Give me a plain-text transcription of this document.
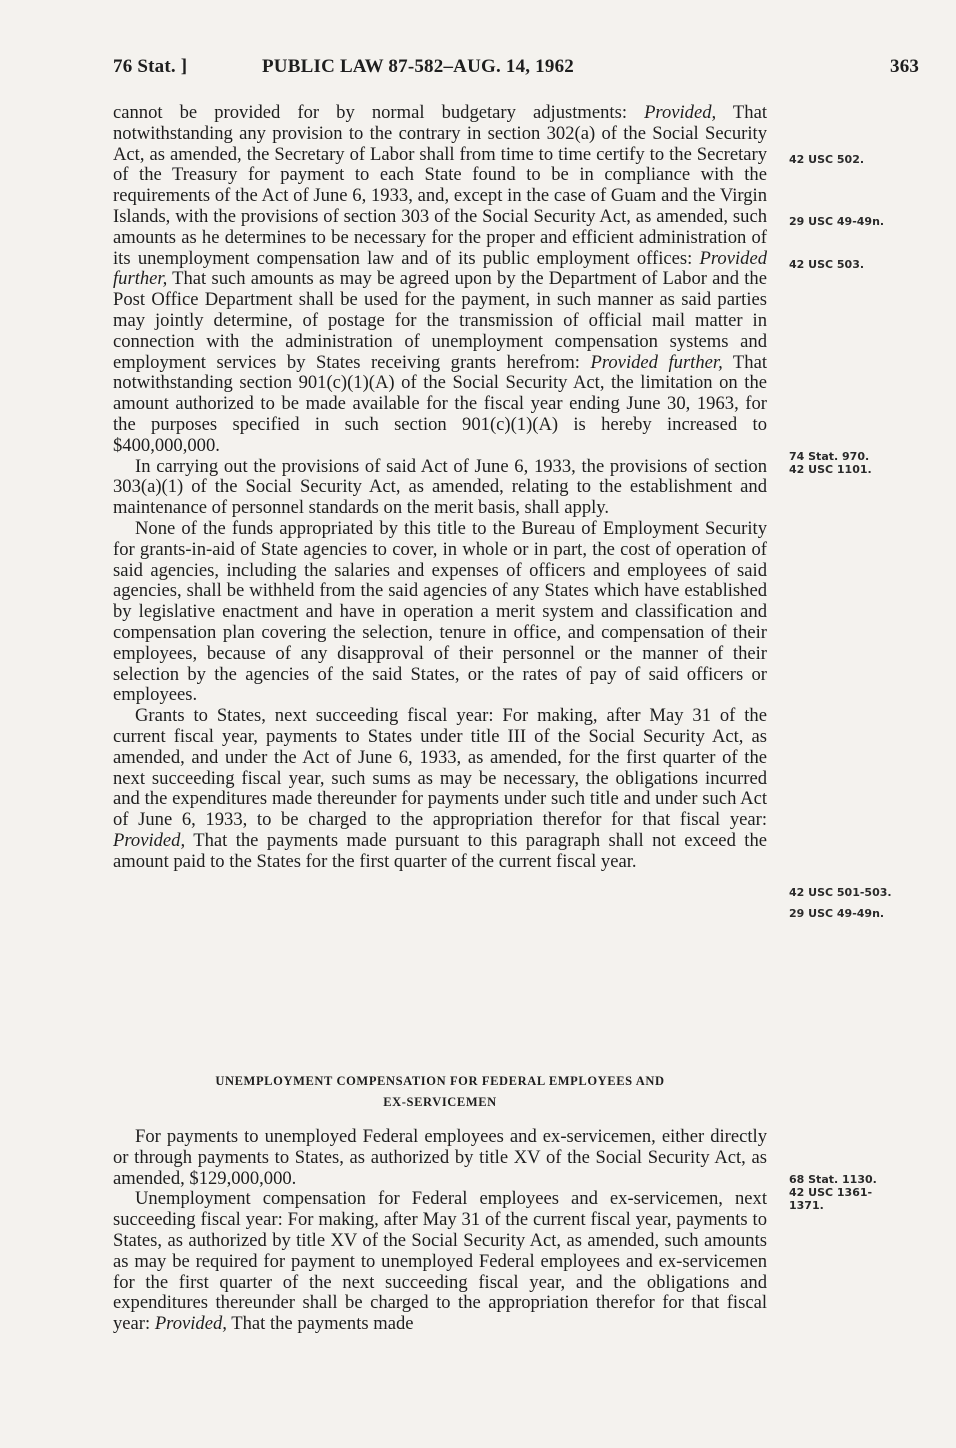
76 Stat. ]	PUBLIC LAW 87-582–AUG. 14, 1962	363

cannot be provided for by normal budgetary adjustments: Provided, That notwithstanding any provision to the contrary in section 302(a) of the Social Security Act, as amended, the Secretary of Labor shall from time to time certify to the Secretary of the Treasury for payment to each State found to be in compliance with the requirements of the Act of June 6, 1933, and, except in the case of Guam and the Virgin Islands, with the provisions of section 303 of the Social Security Act, as amended, such amounts as he determines to be necessary for the proper and efficient administration of its unemployment compensation law and of its public employment offices: Provided further, That such amounts as may be agreed upon by the Department of Labor and the Post Office Department shall be used for the payment, in such manner as said parties may jointly determine, of postage for the transmission of official mail matter in connection with the administration of unemployment compensation systems and employment services by States receiving grants herefrom: Provided further, That notwithstanding section 901(c)(1)(A) of the Social Security Act, the limitation on the amount authorized to be made available for the fiscal year ending June 30, 1963, for the purposes specified in such section 901(c)(1)(A) is hereby increased to $400,000,000.

In carrying out the provisions of said Act of June 6, 1933, the provisions of section 303(a)(1) of the Social Security Act, as amended, relating to the establishment and maintenance of personnel standards on the merit basis, shall apply.

None of the funds appropriated by this title to the Bureau of Employment Security for grants-in-aid of State agencies to cover, in whole or in part, the cost of operation of said agencies, including the salaries and expenses of officers and employees of said agencies, shall be withheld from the said agencies of any States which have established by legislative enactment and have in operation a merit system and classification and compensation plan covering the selection, tenure in office, and compensation of their employees, because of any disapproval of their personnel or the manner of their selection by the agencies of the said States, or the rates of pay of said officers or employees.

Grants to States, next succeeding fiscal year: For making, after May 31 of the current fiscal year, payments to States under title III of the Social Security Act, as amended, and under the Act of June 6, 1933, as amended, for the first quarter of the next succeeding fiscal year, such sums as may be necessary, the obligations incurred and the expenditures made thereunder for payments under such title and under such Act of June 6, 1933, to be charged to the appropriation therefor for that fiscal year: Provided, That the payments made pursuant to this paragraph shall not exceed the amount paid to the States for the first quarter of the current fiscal year.

UNEMPLOYMENT COMPENSATION FOR FEDERAL EMPLOYEES AND
EX-SERVICEMEN

For payments to unemployed Federal employees and ex-servicemen, either directly or through payments to States, as authorized by title XV of the Social Security Act, as amended, $129,000,000.

Unemployment compensation for Federal employees and ex-servicemen, next succeeding fiscal year: For making, after May 31 of the current fiscal year, payments to States, as authorized by title XV of the Social Security Act, as amended, such amounts as may be required for payment to unemployed Federal employees and ex-servicemen for the first quarter of the next succeeding fiscal year, and the obligations and expenditures thereunder shall be charged to the appropriation therefor for that fiscal year: Provided, That the payments made

42 USC 502.
29 USC 49-49n.
42 USC 503.
74 Stat. 970.
42 USC 1101.
42 USC 501-503.
29 USC 49-49n.
68 Stat. 1130.
42 USC 1361-
1371.
